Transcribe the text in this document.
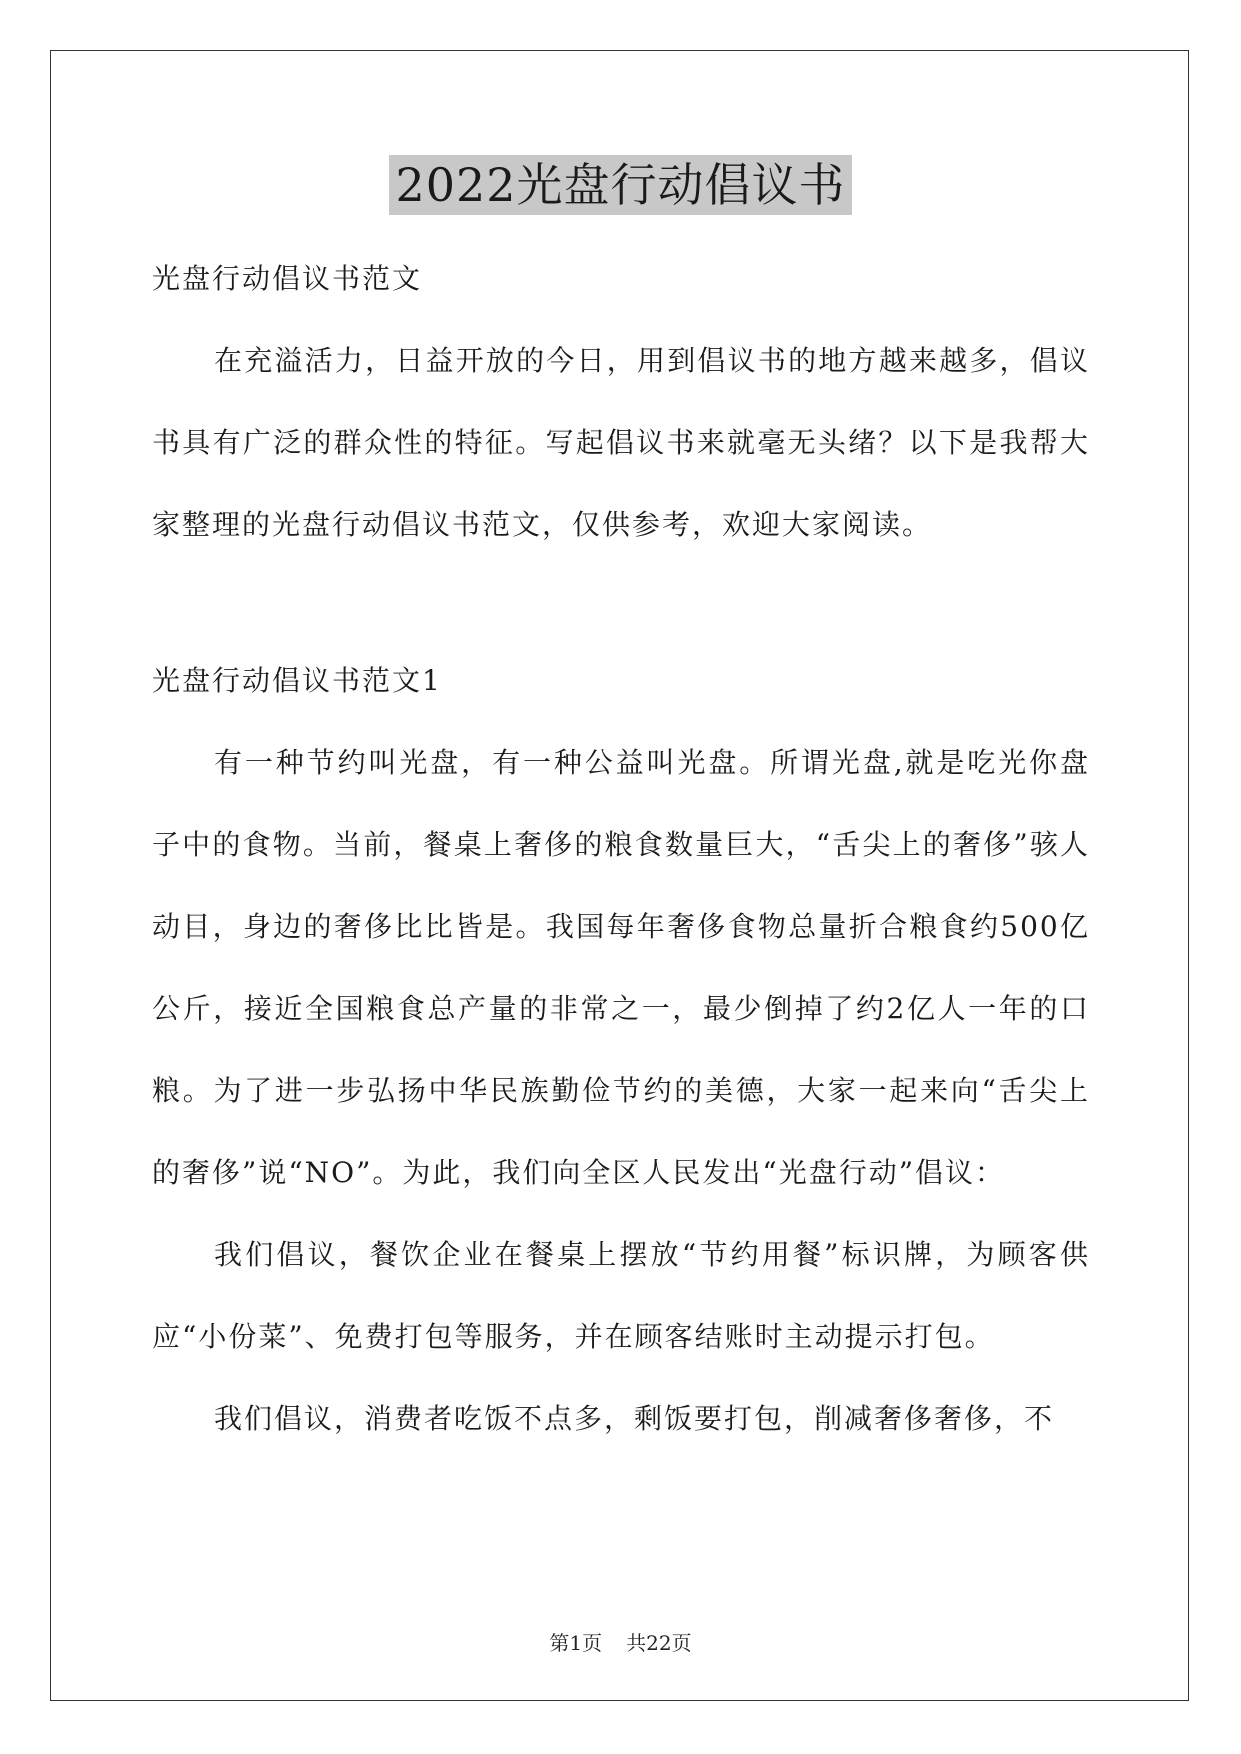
2022光盘行动倡议书

光盘行动倡议书范文

在充溢活力，日益开放的今日，用到倡议书的地方越来越多，倡议书具有广泛的群众性的特征。写起倡议书来就毫无头绪？以下是我帮大家整理的光盘行动倡议书范文，仅供参考，欢迎大家阅读。

光盘行动倡议书范文1

有一种节约叫光盘，有一种公益叫光盘。所谓光盘,就是吃光你盘子中的食物。当前，餐桌上奢侈的粮食数量巨大，“舌尖上的奢侈”骇人动目，身边的奢侈比比皆是。我国每年奢侈食物总量折合粮食约500亿公斤，接近全国粮食总产量的非常之一，最少倒掉了约2亿人一年的口粮。为了进一步弘扬中华民族勤俭节约的美德，大家一起来向“舌尖上的奢侈”说“NO”。为此，我们向全区人民发出“光盘行动”倡议：

我们倡议，餐饮企业在餐桌上摆放“节约用餐”标识牌，为顾客供应“小份菜”、免费打包等服务，并在顾客结账时主动提示打包。

我们倡议，消费者吃饭不点多，剩饭要打包，削减奢侈奢侈，不

第1页 共22页
